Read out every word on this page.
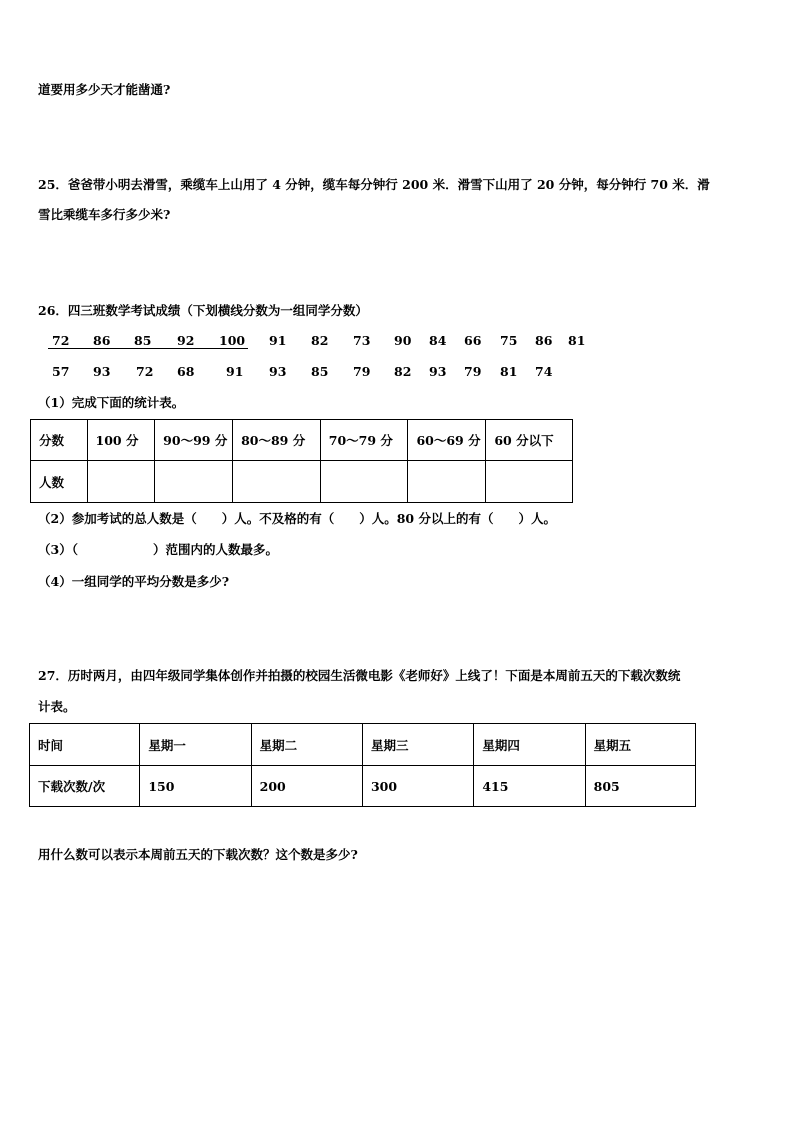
道要用多少天才能凿通?
25．爸爸带小明去滑雪，乘缆车上山用了 4 分钟，缆车每分钟行 200 米．滑雪下山用了 20 分钟，每分钟行 70 米．滑
雪比乘缆车多行多少米?
26．四三班数学考试成绩（下划横线分数为一组同学分数）
72 86 85 92 100 91 82 73 90 84 66 75 86 81
57 93 72 68	91 93 85 79 82 93 79 81 74
（1）完成下面的统计表。
分数	100 分	90～99 分	80～89 分	70～79 分	60～69 分	60 分以下
人数						
（2）参加考试的总人数是（　　）人。不及格的有（　　）人。80 分以上的有（　　）人。
（3）（　　　　　　）范围内的人数最多。
（4）一组同学的平均分数是多少?
27．历时两月，由四年级同学集体创作并拍摄的校园生活微电影《老师好》上线了！下面是本周前五天的下载次数统
计表。
时间	星期一	星期二	星期三	星期四	星期五
下载次数/次	150	200	300	415	805
用什么数可以表示本周前五天的下载次数？这个数是多少?
